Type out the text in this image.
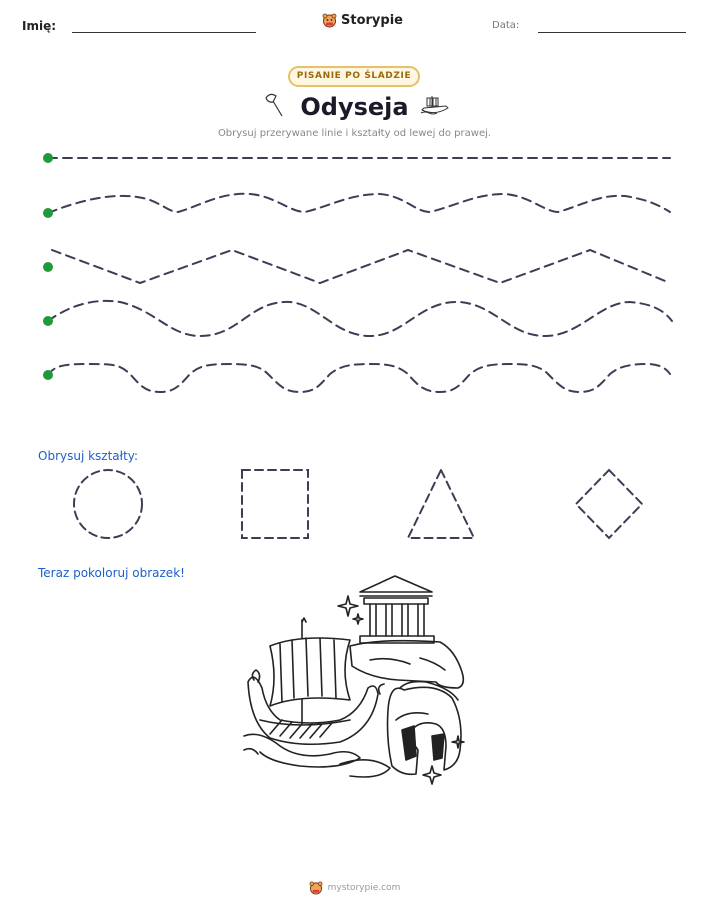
Imię:	Storypie	Data:
PISANIE PO ŚLADZIE
Odyseja
Obrysuj przerywane linie i kształty od lewej do prawej.
Obrysuj kształty:
Teraz pokoloruj obrazek!
mystorypie.com
